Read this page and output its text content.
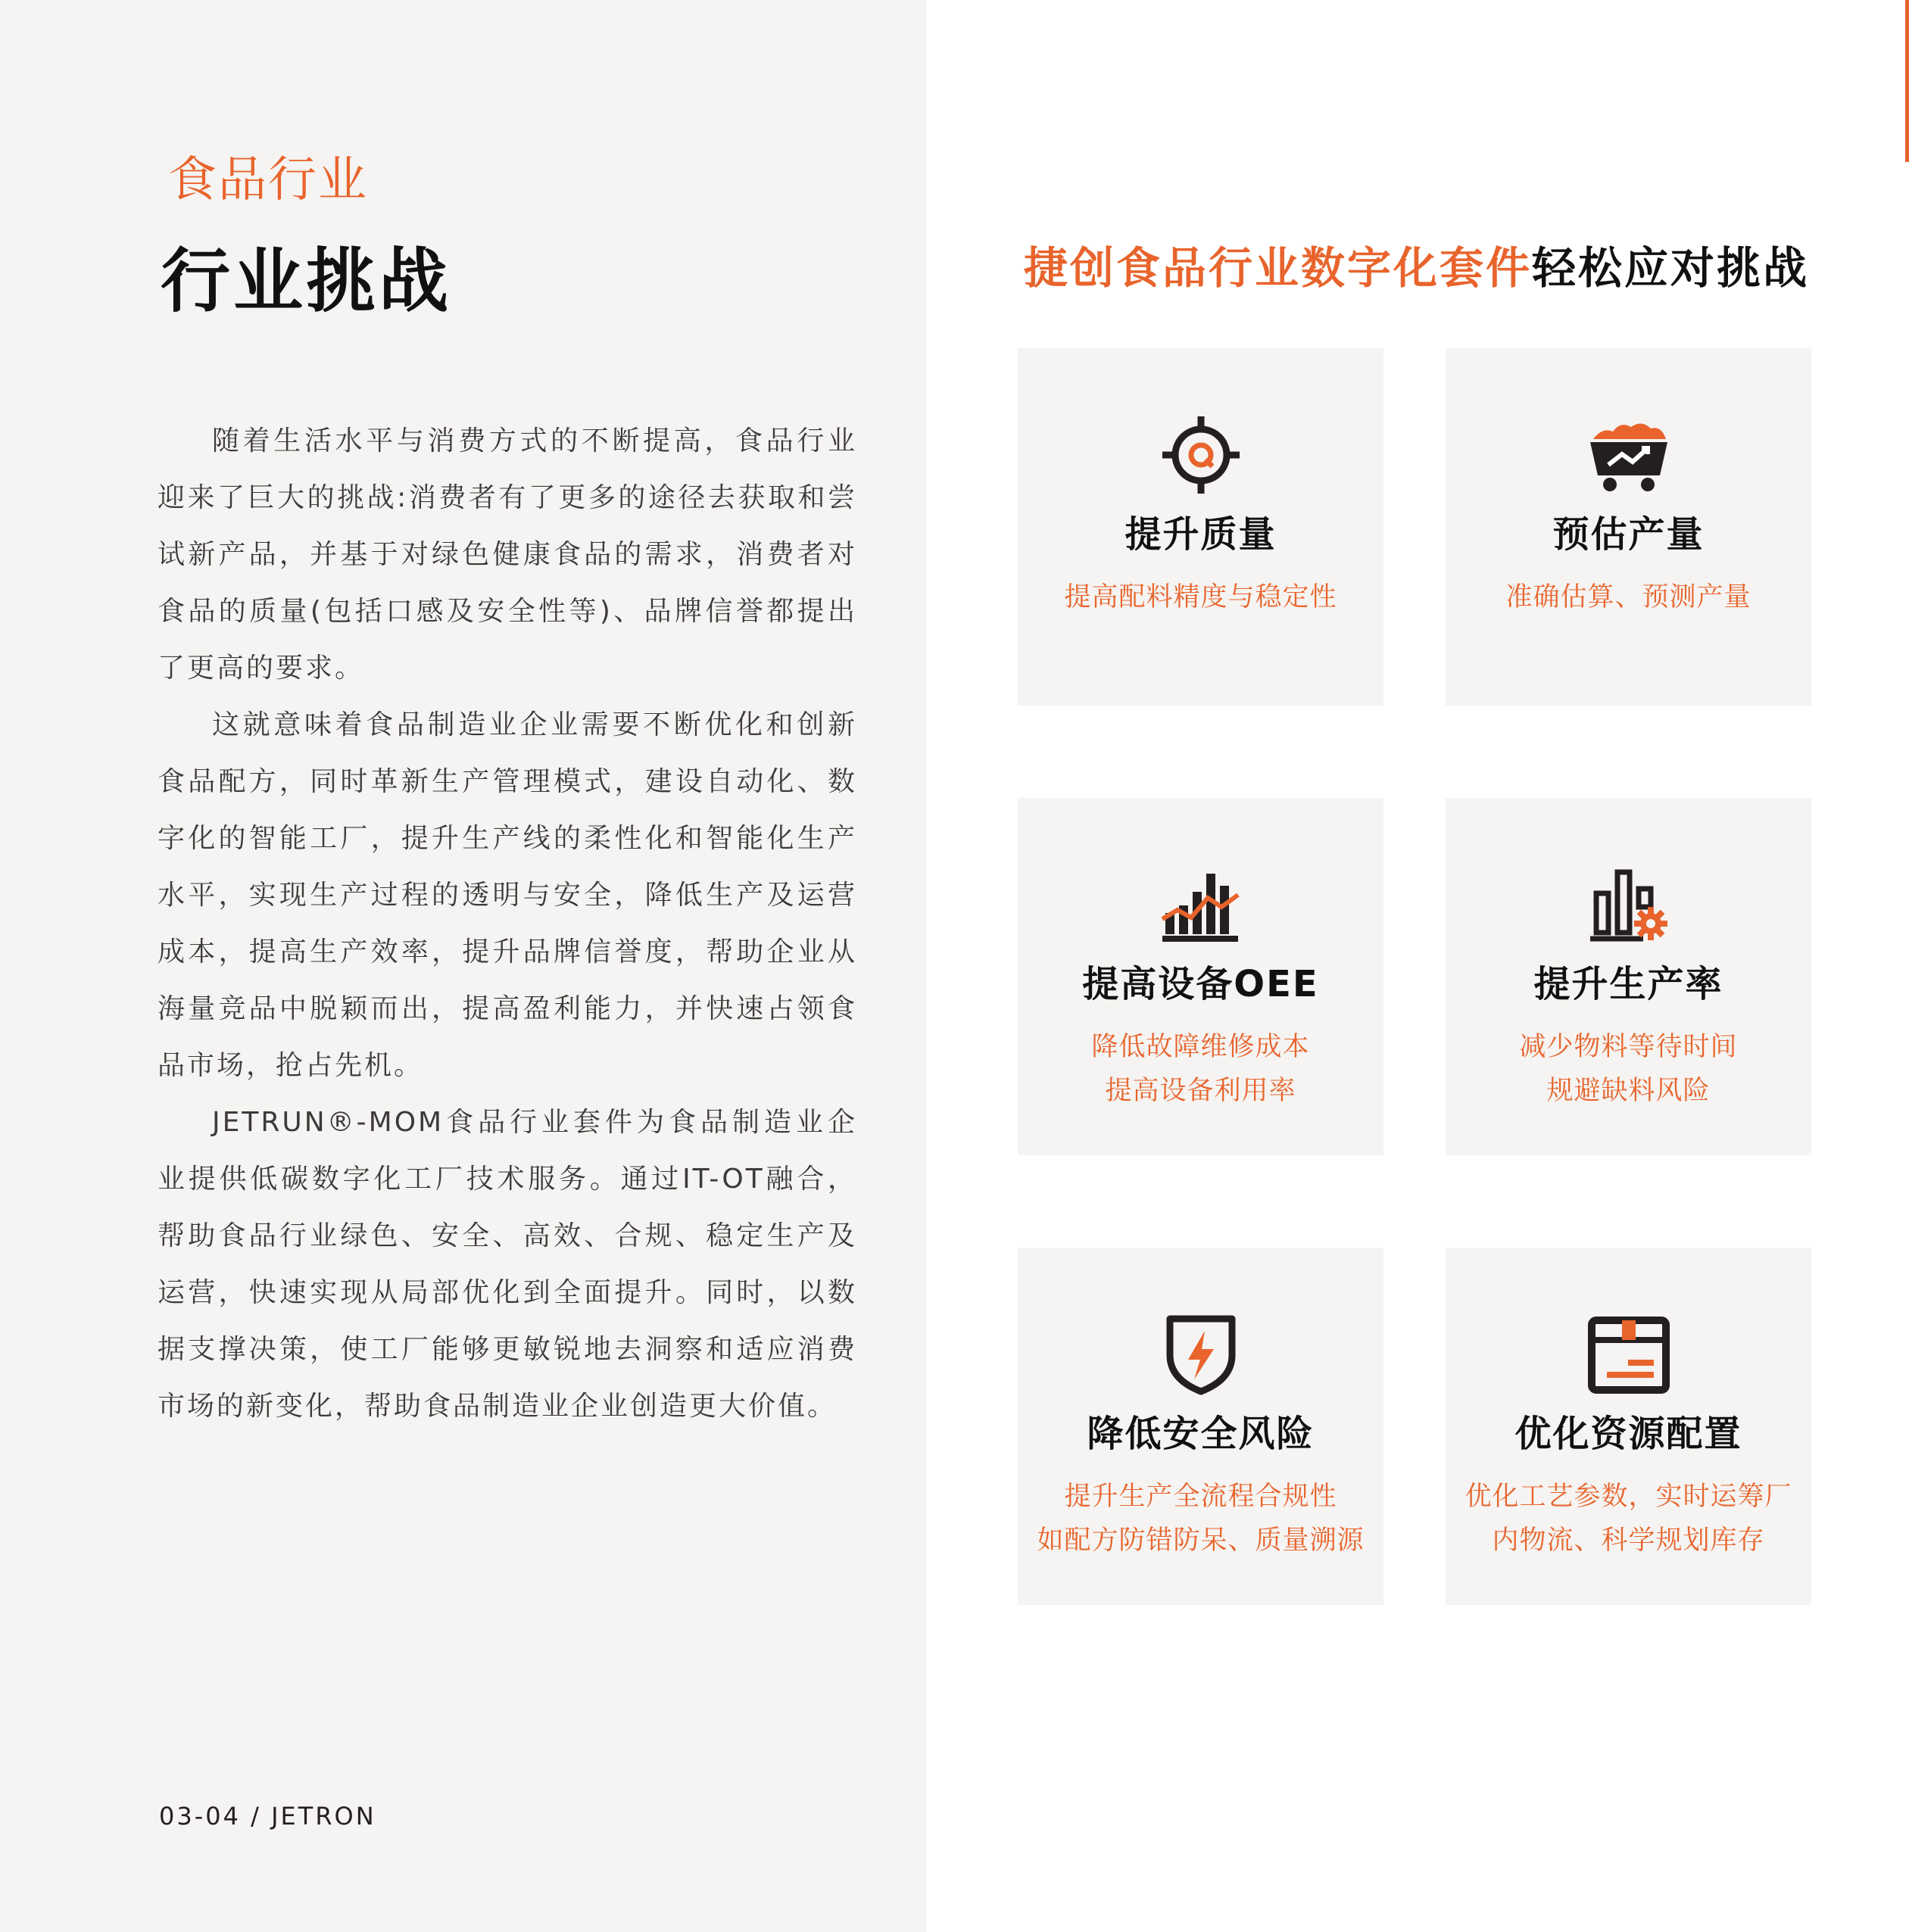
食品行业
行业挑战

随着生活水平与消费方式的不断提高，食品行业迎来了巨大的挑战:消费者有了更多的途径去获取和尝试新产品，并基于对绿色健康食品的需求，消费者对食品的质量(包括口感及安全性等)、品牌信誉都提出了更高的要求。

这就意味着食品制造业企业需要不断优化和创新食品配方，同时革新生产管理模式，建设自动化、数字化的智能工厂，提升生产线的柔性化和智能化生产水平，实现生产过程的透明与安全，降低生产及运营成本，提高生产效率，提升品牌信誉度，帮助企业从海量竞品中脱颖而出，提高盈利能力，并快速占领食品市场，抢占先机。

JETRUN®-MOM食品行业套件为食品制造业企业提供低碳数字化工厂技术服务。通过IT-OT融合，帮助食品行业绿色、安全、高效、合规、稳定生产及运营，快速实现从局部优化到全面提升。同时，以数据支撑决策，使工厂能够更敏锐地去洞察和适应消费市场的新变化，帮助食品制造业企业创造更大价值。

03-04 / JETRON
捷创食品行业数字化套件轻松应对挑战
提升质量
提高配料精度与稳定性
预估产量
准确估算、预测产量
提高设备OEE
降低故障维修成本
提高设备利用率
提升生产率
减少物料等待时间
规避缺料风险
降低安全风险
提升生产全流程合规性
如配方防错防呆、质量溯源
优化资源配置
优化工艺参数，实时运筹厂
内物流、科学规划库存
